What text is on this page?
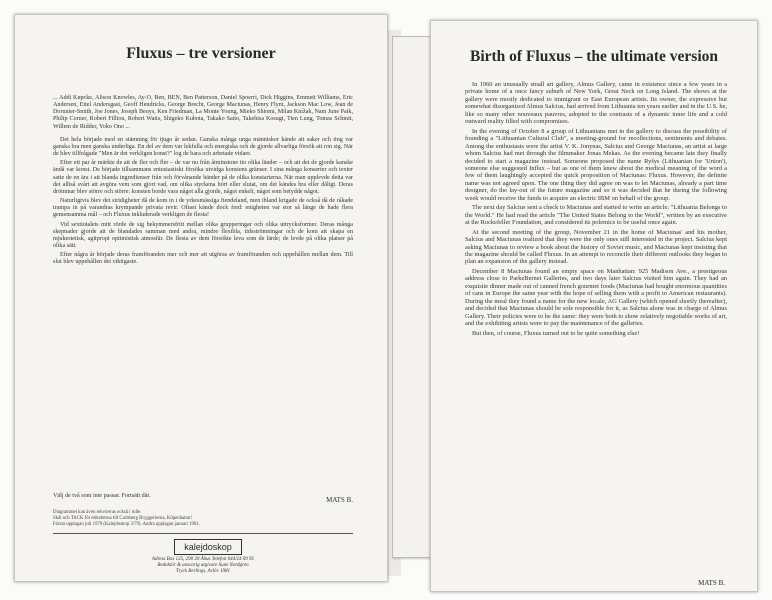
Fluxus – tre versioner

... Addi Køpcke, Alison Knowles, Ay-O, Ben, BEN, Ben Patterson, Daniel Spoerri, Dick Higgins, Emmett Williams, Eric Andersen, Eitel Andersgast, Geoff Hendricks, George Brecht, George Maciunas, Henry Flynt, Jackson Mac Low, Jean de Dorunier-Smith, Joe Jones, Joseph Beuys, Ken Friedman, La Monte Young, Mieko Shiomi, Milan Knížak, Nam June Paik, Philip Corner, Robert Filliou, Robert Watts, Shigeko Kubota, Takako Saito, Takehisa Kosugi, Tien Lung, Tomas Schmit, Willem de Ridder, Yoko Ono ...

Det hela började med en stämning för tjugo år sedan. Ganska många unga människor kände att saker och ting var ganska bra men ganska underliga. En del av dem var lekfulla och energiska och de gjorde allvarliga försök att ron sig. När de blev tillfrågade "Men är det verkligen konst?" log de bara och arbetade vidare.

Efter ett par år märkte de att de fler och fler – de var nu från åtminstone tio olika länder – och att det de gjorde kanske ändå var konst. De började tillsammans entusiastiskt försöka utvidga konstens gränser. I sina många konserter och texter satte de en ära i att blanda ingredienser från och förvånande händer på de olika konstarterna. När man upplevde detta var det alltså svårt att avgöra vem som gjort vad, om olika styckena hört eller slutat, om det kändes bra eller dåligt. Deras drömmar blev större och större: konsten borde vara något alla gjorde, något enkelt, något som betydde något.

Naturligtvis blev det stridigheter då de kom in i de yrkesmässiga fiendeland, men ibland krigade de också då de råkade trampa in på varandras krympande privata revir. Oftast kände dock fred: enigheten var stor så länge de hade flera gemensamma mål – och Fluxus inkluderade verkligen de flesta!

Vid sextiotalets mitt rörde de sig bekymmersfritt mellan olika grupperingar och olika uttrycksformer. Deras många skepnader gjorde att de blandades samman med andra, mindre flexibla, tidsströmningar och de kom att skapa en mjukestetisk, agitpropt optimistisk atmosfär. De flesta av dem försökte leva som de lärde; de levde på olika platser på olika sätt.

Efter några år började deras framföranden mer och mer att utgöras av framföranden och uppehållen mellan dem. Till slut blev uppehållen det viktigaste.

Välj de två som inte passar. Fortsätt där.	MATS B.
Diagrammet kan även rekvireras också i rulle.
Skål och TACK för etiketterna till Carlsberg Bryggerierna, Köpenhamn!
Första upplagan juli 1979 (Kalejdoskop 3/79). Andra upplagan januari 1981.
kalejdoskop
Adress Box 125, 290 20 Åhus Telefon 044/24 09 95
Redaktör & ansvarig utgivare Sune Nordgren
Tryck Berlings, Arlöv 1981
Birth of Fluxus – the ultimate version

In 1960 an unusually small art gallery, Almus Gallery, came in existence since a few years in a private home of a once fancy suburb of New York, Great Neck on Long Island. The shows at the gallery were mostly dedicated to immigrant or East European artists. Its owner, the expressive but somewhat disorganized Almus Salcius, had arrived from Lithuania ten years earlier and in the U.S. he, like so many other nouveaux pauvres, adopted to the contrasts of a dynamic inner life and a cold outward reality filled with compromises.

In the evening of October 8 a group of Lithuanians met in the gallery to discuss the possibility of founding a "Lithuanian Cultural Club", a meeting-ground for recollections, sentiments and debates. Among the enthusiasts were the artist V. K. Jonynas, Salcius and George Maciunas, an artist at large whom Salcius had met through the filmmaker Jonas Mekas. As the evening became late they finally decided to start a magazine instead. Someone proposed the name Ryšys (Lithuanian for 'Union'), someone else suggested Influx – but as one of them knew about the medical meaning of the word a few of them laughingly accepted the quick proposition of Maciunas: Fluxus. However, the definite name was not agreed upon. The one thing they did agree on was to let Maciunas, already a part time designer, do the lay-out of the future magazine and so it was decided that he during the following week would receive the funds to acquire an electric IBM on behalf of the group.

The next day Salcius sent a check to Maciunas and started to write an article: "Lithuania Belongs to the World." He had read the article "The United States Belong to the World", written by an executive at the Rockefeller Foundation, and considered its polemics to be useful once again.

At the second meeting of the group, November 21 in the home of Maciunas' and his mother, Salcius and Maciunas realized that they were the only ones still interested in the project. Salcius kept asking Maciunas to review a book about the history of Soviet music, and Maciunas kept insisting that the magazine should be called Fluxus. In an attempt to reconcile their different outlooks they began to plan an expansion of the gallery instead.

December 8 Maciunas found an empty space on Manhattan: 925 Madison Ave., a prestigeous address close to ParkeBernet Galleries, and two days later Salcius visited him again. They had an exquisite dinner made out of canned french gourmet foods (Maciunas had bought enormous quantities of cans in Europe the same year with the hope of selling them with a profit to American restaurants). During the meal they found a name for the new locale, AG Gallery (which opened shortly thereafter), and decided that Maciunas should be sole responsible for it, as Salcius alone was in charge of Almus Gallery. Their policies were to be the same: they were both to show relatively negotiable works of art, and the exhibiting artists were to pay the maintenance of the galleries.

But then, of course, Fluxus turned out to be quite something else!

MATS B.
